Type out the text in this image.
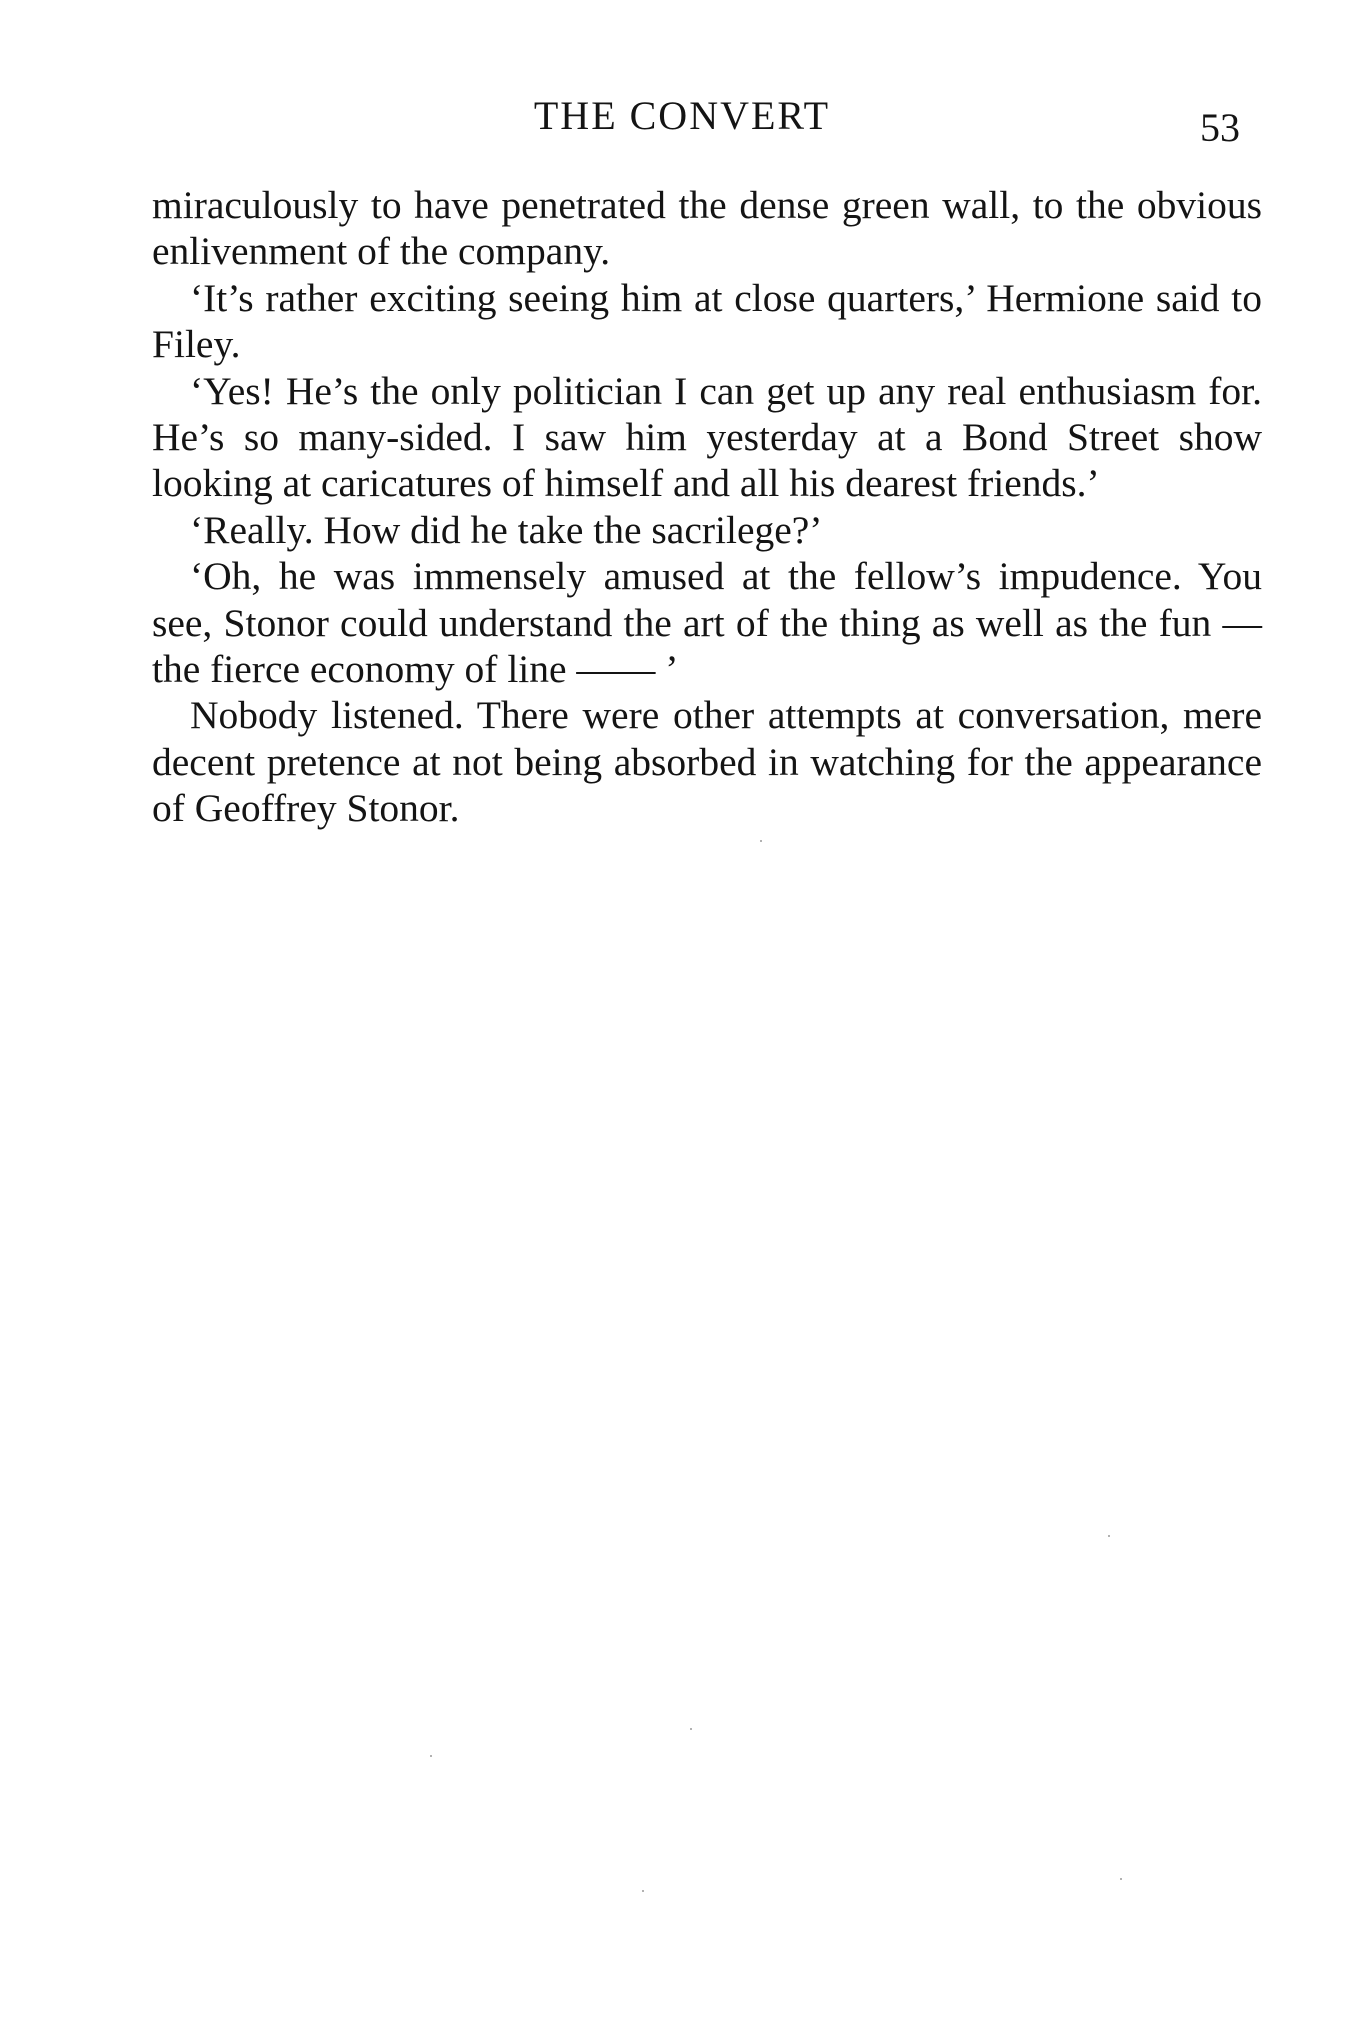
THE CONVERT	53

miraculously to have penetrated the dense green wall, to the obvious enlivenment of the company.

‘It’s rather exciting seeing him at close quarters,’ Hermione said to Filey.

‘Yes! He’s the only politician I can get up any real enthusiasm for. He’s so many-sided. I saw him yesterday at a Bond Street show looking at caricatures of himself and all his dearest friends.’

‘Really. How did he take the sacrilege?’

‘Oh, he was immensely amused at the fellow’s impudence. You see, Stonor could understand the art of the thing as well as the fun — the fierce economy of line —— ’

Nobody listened. There were other attempts at conversation, mere decent pretence at not being absorbed in watching for the appearance of Geoffrey Stonor.
